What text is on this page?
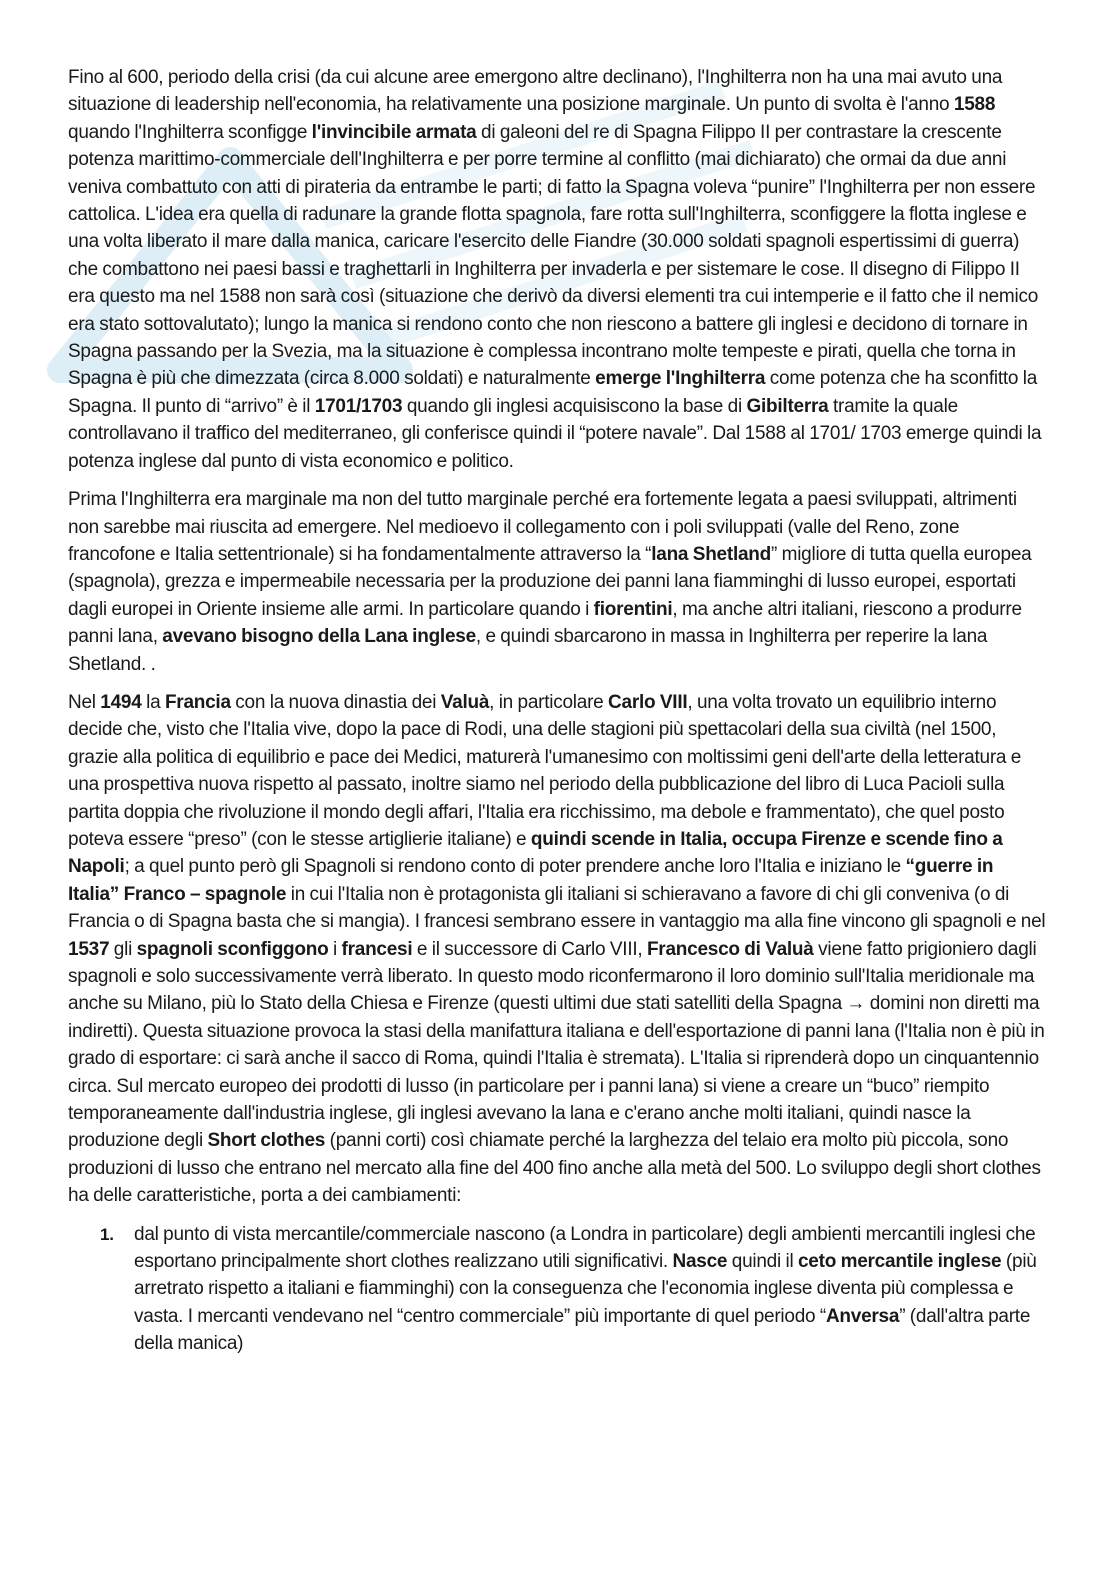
Fino al 600, periodo della crisi (da cui alcune aree emergono altre declinano), l'Inghilterra non ha una mai avuto una situazione di leadership nell'economia, ha relativamente una posizione marginale. Un punto di svolta è l'anno 1588 quando l'Inghilterra sconfigge l'invincibile armata di galeoni del re di Spagna Filippo II per contrastare la crescente potenza marittimo-commerciale dell'Inghilterra e per porre termine al conflitto (mai dichiarato) che ormai da due anni veniva combattuto con atti di pirateria da entrambe le parti; di fatto la Spagna voleva “punire” l'Inghilterra per non essere cattolica. L'idea era quella di radunare la grande flotta spagnola, fare rotta sull'Inghilterra, sconfiggere la flotta inglese e una volta liberato il mare dalla manica, caricare l'esercito delle Fiandre (30.000 soldati spagnoli espertissimi di guerra) che combattono nei paesi bassi e traghettarli in Inghilterra per invaderla e per sistemare le cose. Il disegno di Filippo II era questo ma nel 1588 non sarà così (situazione che derivò da diversi elementi tra cui intemperie e il fatto che il nemico era stato sottovalutato); lungo la manica si rendono conto che non riescono a battere gli inglesi e decidono di tornare in Spagna passando per la Svezia, ma la situazione è complessa incontrano molte tempeste e pirati, quella che torna in Spagna è più che dimezzata (circa 8.000 soldati) e naturalmente emerge l'Inghilterra come potenza che ha sconfitto la Spagna. Il punto di “arrivo” è il 1701/1703 quando gli inglesi acquisiscono la base di Gibilterra tramite la quale controllavano il traffico del mediterraneo, gli conferisce quindi il “potere navale”. Dal 1588 al 1701/ 1703 emerge quindi la potenza inglese dal punto di vista economico e politico.

Prima l'Inghilterra era marginale ma non del tutto marginale perché era fortemente legata a paesi sviluppati, altrimenti non sarebbe mai riuscita ad emergere. Nel medioevo il collegamento con i poli sviluppati (valle del Reno, zone francofone e Italia settentrionale) si ha fondamentalmente attraverso la “lana Shetland” migliore di tutta quella europea (spagnola), grezza e impermeabile necessaria per la produzione dei panni lana fiamminghi di lusso europei, esportati dagli europei in Oriente insieme alle armi. In particolare quando i fiorentini, ma anche altri italiani, riescono a produrre panni lana, avevano bisogno della Lana inglese, e quindi sbarcarono in massa in Inghilterra per reperire la lana Shetland. .

Nel 1494 la Francia con la nuova dinastia dei Valuà, in particolare Carlo VIII, una volta trovato un equilibrio interno decide che, visto che l'Italia vive, dopo la pace di Rodi, una delle stagioni più spettacolari della sua civiltà (nel 1500, grazie alla politica di equilibrio e pace dei Medici, maturerà l'umanesimo con moltissimi geni dell'arte della letteratura e una prospettiva nuova rispetto al passato, inoltre siamo nel periodo della pubblicazione del libro di Luca Pacioli sulla partita doppia che rivoluzione il mondo degli affari, l'Italia era ricchissimo, ma debole e frammentato), che quel posto poteva essere “preso” (con le stesse artiglierie italiane) e quindi scende in Italia, occupa Firenze e scende fino a Napoli; a quel punto però gli Spagnoli si rendono conto di poter prendere anche loro l'Italia e iniziano le “guerre in Italia” Franco – spagnole in cui l'Italia non è protagonista gli italiani si schieravano a favore di chi gli conveniva (o di Francia o di Spagna basta che si mangia). I francesi sembrano essere in vantaggio ma alla fine vincono gli spagnoli e nel 1537 gli spagnoli sconfiggono i francesi e il successore di Carlo VIII, Francesco di Valuà viene fatto prigioniero dagli spagnoli e solo successivamente verrà liberato. In questo modo riconfermarono il loro dominio sull'Italia meridionale ma anche su Milano, più lo Stato della Chiesa e Firenze (questi ultimi due stati satelliti della Spagna → domini non diretti ma indiretti). Questa situazione provoca la stasi della manifattura italiana e dell'esportazione di panni lana (l'Italia non è più in grado di esportare: ci sarà anche il sacco di Roma, quindi l'Italia è stremata). L'Italia si riprenderà dopo un cinquantennio circa. Sul mercato europeo dei prodotti di lusso (in particolare per i panni lana) si viene a creare un “buco” riempito temporaneamente dall'industria inglese, gli inglesi avevano la lana e c'erano anche molti italiani, quindi nasce la produzione degli Short clothes (panni corti) così chiamate perché la larghezza del telaio era molto più piccola, sono produzioni di lusso che entrano nel mercato alla fine del 400 fino anche alla metà del 500. Lo sviluppo degli short clothes ha delle caratteristiche, porta a dei cambiamenti:

1. dal punto di vista mercantile/commerciale nascono (a Londra in particolare) degli ambienti mercantili inglesi che esportano principalmente short clothes realizzano utili significativi. Nasce quindi il ceto mercantile inglese (più arretrato rispetto a italiani e fiamminghi) con la conseguenza che l'economia inglese diventa più complessa e vasta. I mercanti vendevano nel “centro commerciale” più importante di quel periodo “Anversa” (dall'altra parte della manica)
